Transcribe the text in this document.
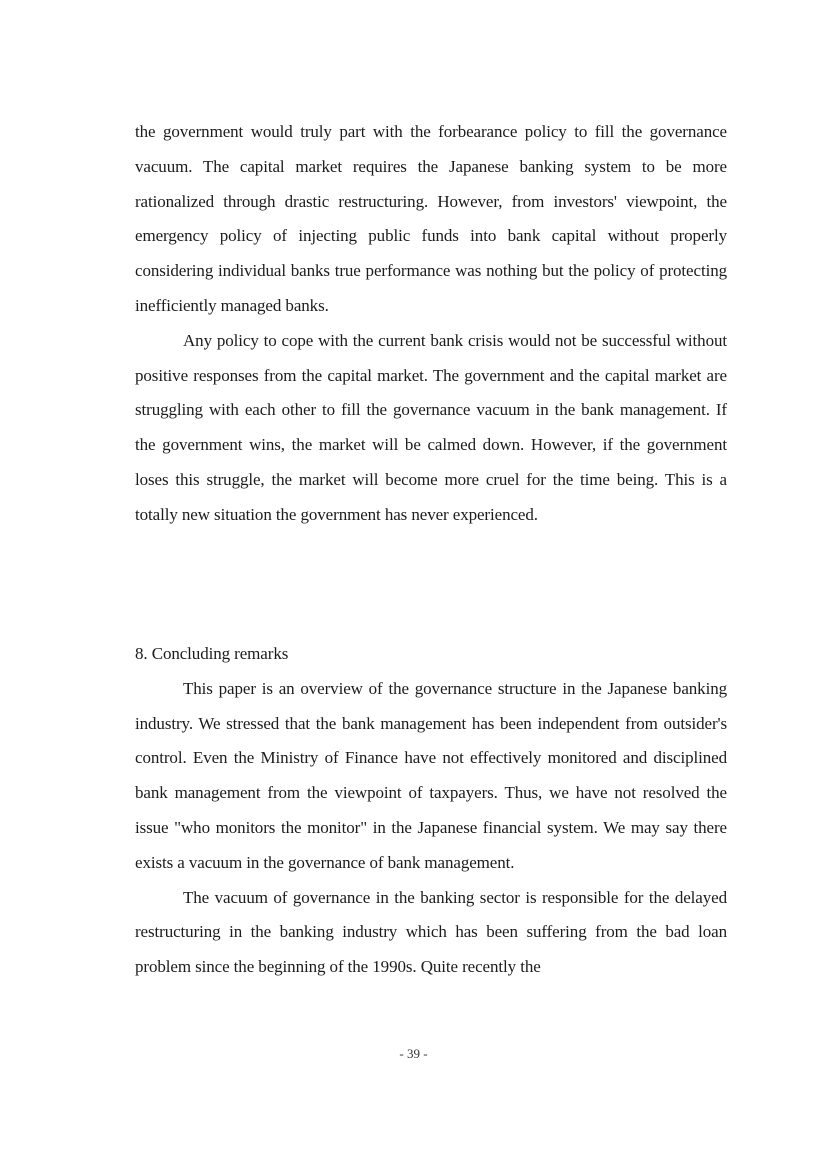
the government would truly part with the forbearance policy to fill the governance vacuum. The capital market requires the Japanese banking system to be more rationalized through drastic restructuring. However, from investors' viewpoint, the emergency policy of injecting public funds into bank capital without properly considering individual banks true performance was nothing but the policy of protecting inefficiently managed banks.

Any policy to cope with the current bank crisis would not be successful without positive responses from the capital market. The government and the capital market are struggling with each other to fill the governance vacuum in the bank management. If the government wins, the market will be calmed down. However, if the government loses this struggle, the market will become more cruel for the time being. This is a totally new situation the government has never experienced.

8. Concluding remarks

This paper is an overview of the governance structure in the Japanese banking industry. We stressed that the bank management has been independent from outsider's control. Even the Ministry of Finance have not effectively monitored and disciplined bank management from the viewpoint of taxpayers. Thus, we have not resolved the issue "who monitors the monitor" in the Japanese financial system. We may say there exists a vacuum in the governance of bank management.

The vacuum of governance in the banking sector is responsible for the delayed restructuring in the banking industry which has been suffering from the bad loan problem since the beginning of the 1990s. Quite recently the

- 39 -
